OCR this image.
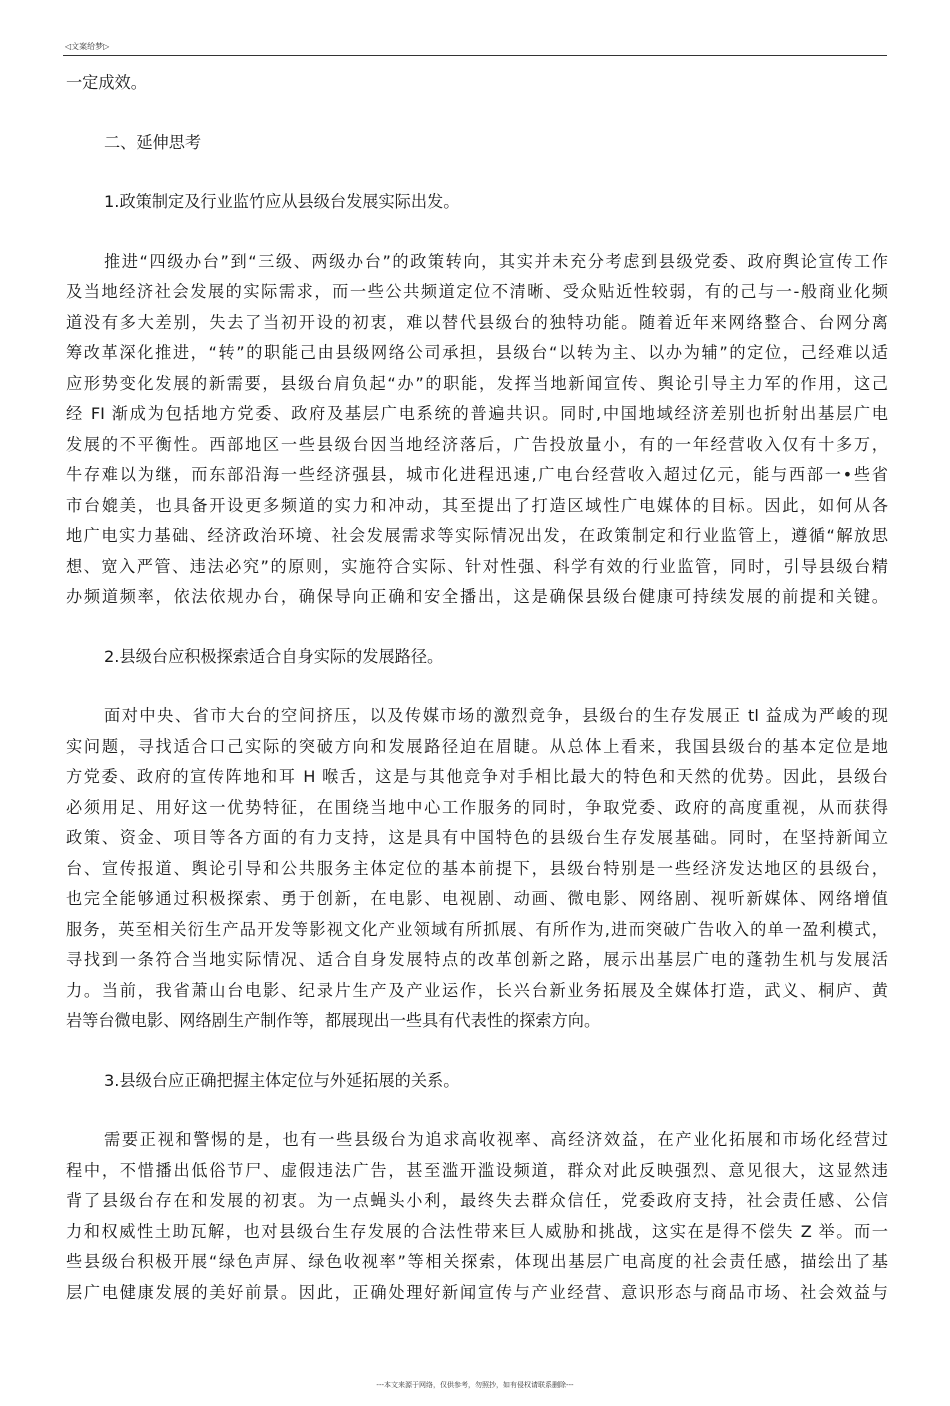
◁文案给梦▷
一定成效。
二、延伸思考
1.政策制定及行业监竹应从县级台发展实际出发。
推进“四级办台”到“三级、两级办台”的政策转向，其实并未充分考虑到县级党委、政府舆论宣传工作
及当地经济社会发展的实际需求，而一些公共频道定位不清晰、受众贴近性较弱，有的己与一-般商业化频
道没有多大差别，失去了当初开设的初衷，难以替代县级台的独特功能。随着近年来网络整合、台网分离
筹改革深化推进，“转”的职能己由县级网络公司承担，县级台“以转为主、以办为辅”的定位，己经难以适
应形势变化发展的新需要，县级台肩负起“办”的职能，发挥当地新闻宣传、舆论引导主力军的作用，这己
经 FI 渐成为包括地方党委、政府及基层广电系统的普遍共识。同时,中国地域经济差别也折射出基层广电
发展的不平衡性。西部地区一些县级台因当地经济落后，广告投放量小，有的一年经营收入仅有十多万，
牛存难以为继，而东部沿海一些经济强县，城市化进程迅速,广电台经营收入超过亿元，能与西部一•些省
市台媲美，也具备开设更多频道的实力和冲动，其至提出了打造区域性广电媒体的目标。因此，如何从各
地广电实力基础、经济政治环境、社会发展需求等实际情况出发，在政策制定和行业监管上，遵循“解放思
想、宽入严管、违法必究”的原则，实施符合实际、针对性强、科学有效的行业监管，同时，引导县级台精
办频道频率，依法依规办台，确保导向正确和安全播出，这是确保县级台健康可持续发展的前提和关键。
2.县级台应积极探索适合自身实际的发展路径。
面对中央、省市大台的空间挤压，以及传媒市场的激烈竞争，县级台的生存发展正 tl 益成为严峻的现
实问题，寻找适合口己实际的突破方向和发展路径迫在眉睫。从总体上看来，我国县级台的基本定位是地
方党委、政府的宣传阵地和耳 H 喉舌，这是与其他竞争对手相比最大的特色和天然的优势。因此，县级台
必须用足、用好这一优势特征，在围绕当地中心工作服务的同时，争取党委、政府的高度重视，从而获得
政策、资金、项目等各方面的有力支持，这是具有中国特色的县级台生存发展基础。同时，在坚持新闻立
台、宣传报道、舆论引导和公共服务主体定位的基本前提下，县级台特别是一些经济发达地区的县级台，
也完全能够通过积极探索、勇于创新，在电影、电视剧、动画、微电影、网络剧、视听新媒体、网络增值
服务，英至相关衍生产品开发等影视文化产业领域有所抓展、有所作为,进而突破广告收入的单一盈利模式，
寻找到一条符合当地实际情况、适合自身发展特点的改革创新之路，展示出基层广电的蓬勃生机与发展活
力。当前，我省萧山台电影、纪录片生产及产业运作，长兴台新业务拓展及全媒体打造，武义、桐庐、黄
岩等台微电影、网络剧生产制作等，都展现出一些具有代表性的探索方向。
3.县级台应正确把握主体定位与外延拓展的关系。
需要正视和警惕的是，也有一些县级台为追求高收视率、高经济效益，在产业化拓展和市场化经营过
程中，不惜播出低俗节尸、虚假违法广告，甚至滥开滥设频道，群众对此反映强烈、意见很大，这显然违
背了县级台存在和发展的初衷。为一点蝇头小利，最终失去群众信任，党委政府支持，社会责任感、公信
力和权威性土助瓦解，也对县级台生存发展的合法性带来巨人威胁和挑战，这实在是得不偿失 Z 举。而一
些县级台积极开展“绿色声屏、绿色收视率”等相关探索，体现出基层广电高度的社会责任感，描绘出了基
层广电健康发展的美好前景。因此，正确处理好新闻宣传与产业经营、意识形态与商品市场、社会效益与
---本文来源于网络，仅供参考，勿照抄，如有侵权请联系删除---
